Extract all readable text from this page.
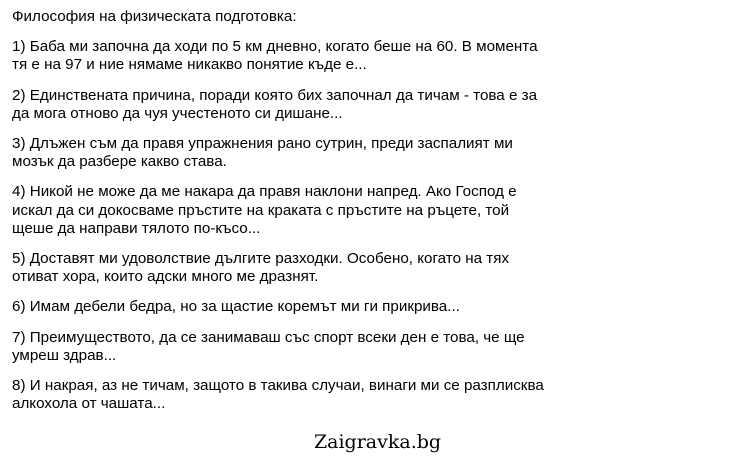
Философия на физическата подготовка:
1) Баба ми започна да ходи по 5 км дневно, когато беше на 60. В момента
тя е на 97 и ние нямаме никакво понятие къде е...
2) Единствената причина, поради която бих започнал да тичам - това е за
да мога отново да чуя учестеното си дишане...
3) Длъжен съм да правя упражнения рано сутрин, преди заспалият ми
мозък да разбере какво става.
4) Никой не може да ме накара да правя наклони напред. Ако Господ е
искал да си докосваме пръстите на краката с пръстите на ръцете, той
щеше да направи тялото по-късо...
5) Доставят ми удоволствие дългите разходки. Особено, когато на тях
отиват хора, които адски много ме дразнят.
6) Имам дебели бедра, но за щастие коремът ми ги прикрива...
7) Преимуществото, да се занимаваш със спорт всеки ден е това, че ще
умреш здрав...
8) И накрая, аз не тичам, защото в такива случаи, винаги ми се разплисква
алкохола от чашата...
Zaigravka.bg
